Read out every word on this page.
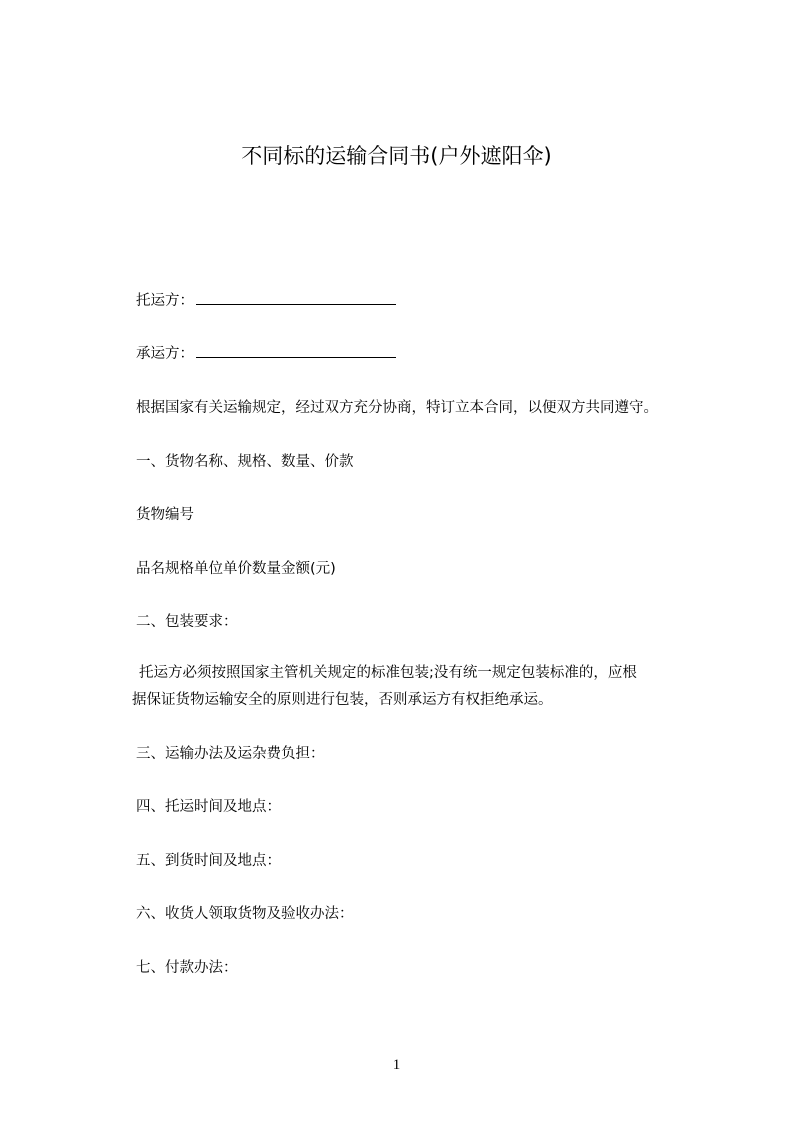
不同标的运输合同书(户外遮阳伞)
托运方：
承运方：
根据国家有关运输规定，经过双方充分协商，特订立本合同，以便双方共同遵守。
一、货物名称、规格、数量、价款
货物编号
品名规格单位单价数量金额(元)
二、包装要求：
托运方必须按照国家主管机关规定的标准包装;没有统一规定包装标准的，应根
据保证货物运输安全的原则进行包装，否则承运方有权拒绝承运。
三、运输办法及运杂费负担：
四、托运时间及地点：
五、到货时间及地点：
六、收货人领取货物及验收办法：
七、付款办法：
1
